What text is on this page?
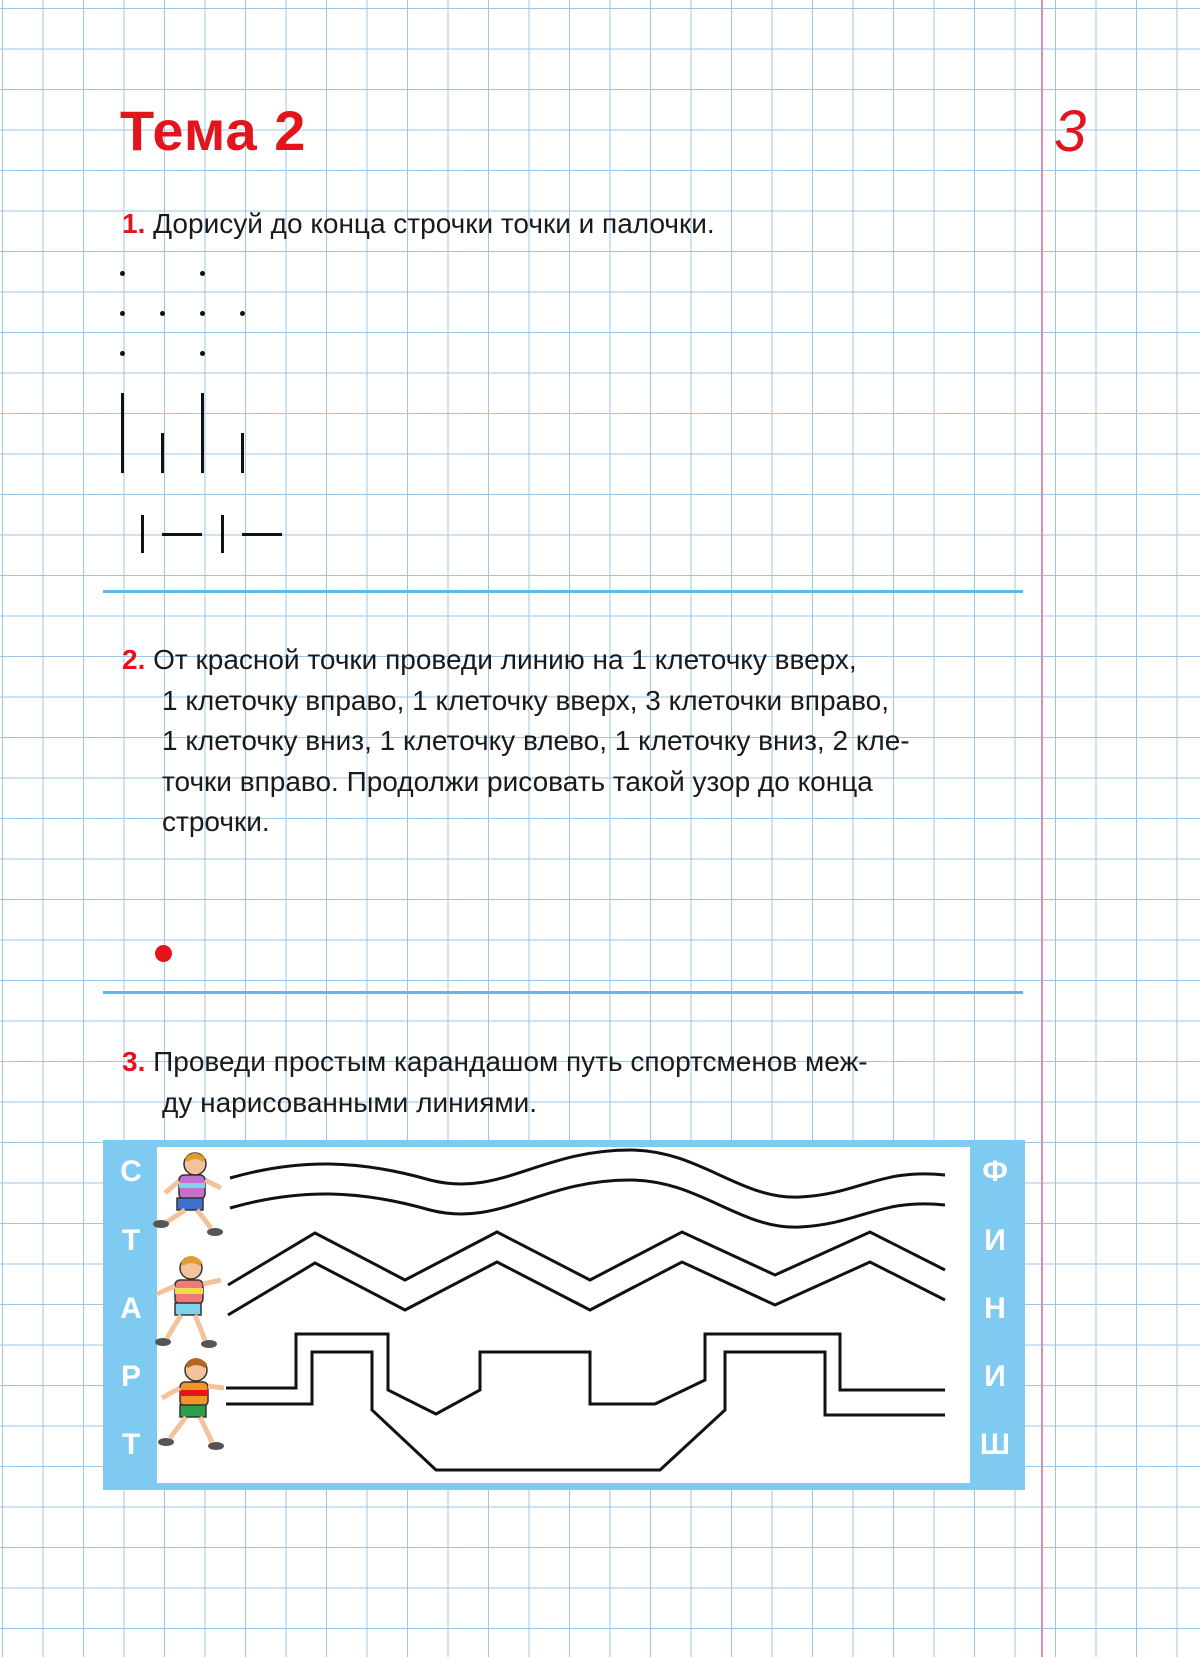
Тема 2	3
1. Дорисуй до конца строчки точки и палочки.
2. От красной точки проведи линию на 1 клеточку вверх,
1 клеточку вправо, 1 клеточку вверх, 3 клеточки вправо,
1 клеточку вниз, 1 клеточку влево, 1 клеточку вниз, 2 кле-
точки вправо. Продолжи рисовать такой узор до конца
строчки.
3. Проведи простым карандашом путь спортсменов меж-
ду нарисованными линиями.
С
Т
А
Р
Т
Ф
И
Н
И
Ш
